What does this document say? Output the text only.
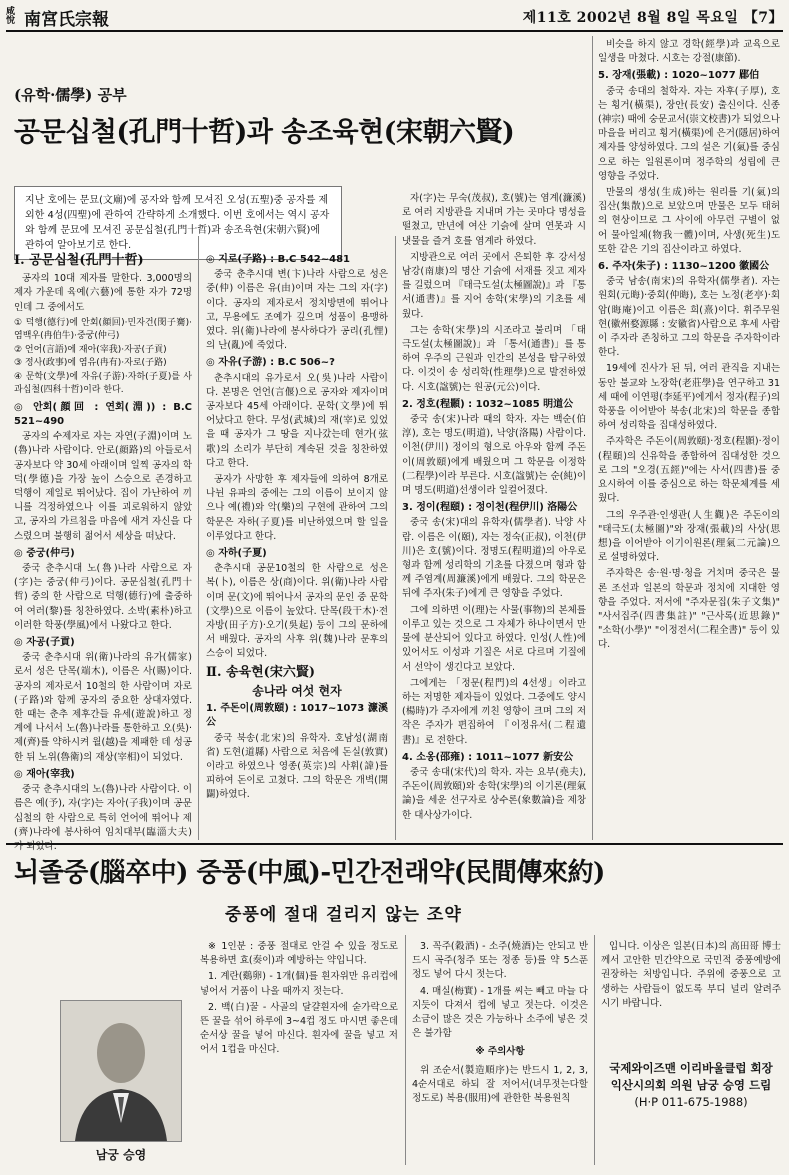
咸悅 南宮氏宗報	제11호 2002년 8월 8일 목요일 【7】
(유학·儒學) 공부
공문십철(孔門十哲)과 송조육현(宋朝六賢)
지난 호에는 문묘(文廟)에 공자와 함께 모셔진 오성(五聖)중 공자를 제외한 4성(四聖)에 관하여 간략하게 소개했다. 이번 호에서는 역시 공자와 함께 문묘에 모셔진 공문십철(孔門十哲)과 송조육현(宋朝六賢)에 관하여 알아보기로 한다.
Ⅰ. 공문십철(孔門十哲)

공자의 10대 제자를 말한다. 3,000명의 제자 가운데 육예(六藝)에 통한 자가 72명인데 그 중에서도

① 덕행(德行)에 안회(顔回)·민자건(閔子騫)·염백우(冉伯牛)·중궁(仲弓)
② 언어(言語)에 재아(宰我)·자공(子貢)
③ 정사(政事)에 염유(冉有)·자로(子路)
④ 문학(文學)에 자유(子游)·자하(子夏)를 사과십철(四科十哲)이라 한다.
◎ 안회(顔回 : 연회(淵)) : B.C 521~490

공자의 수제자로 자는 자연(子淵)이며 노(魯)나라 사람이다. 안로(顔路)의 아들로서 공자보다 약 30세 아래이며 일찍 공자의 학덕(學德)을 가장 높이 스승으로 존경하고 덕행이 제일로 뛰어났다. 집이 가난하여 끼니를 걱정하였으나 이를 괴로워하지 않았고, 공자의 가르침을 마음에 새겨 자신을 다스렸으며 불행히 젊어서 세상을 떠났다.

◎ 중궁(仲弓)

중국 춘추시대 노(魯)나라 사람으로 자(字)는 중궁(仲弓)이다. 공문십철(孔門十哲) 중의 한 사람으로 덕행(德行)에 출중하여 여러(黎)를 칭찬하였다. 소박(素朴)하고 이러한 학풍(學風)에서 나왔다고 한다.

◎ 자공(子貢)

중국 춘추시대 위(衛)나라의 유가(儒家)로서 성은 단목(端木), 이름은 사(賜)이다. 공자의 제자로서 10철의 한 사람이며 자로(子路)와 함께 공자의 중요한 상대자였다. 한 때는 춘추 제후간들 유세(遊說)하고 정계에 나서서 노(魯)나라를 통한하고 오(吳)·제(齊)를 약하시켜 월(越)을 제패한 데 성공한 뒤 노위(魯衛)의 재상(宰相)이 되었다.

◎ 재아(宰我)

중국 춘추시대의 노(魯)나라 사람이다. 이름은 예(予), 자(字)는 자아(子我)이며 공문십철의 한 사람으로 특히 언어에 뛰어나 제(齊)나라에 봉사하여 임치대부(臨淄大夫)가 되었다.

◎ 지로(子路) : B.C 542~481

중국 춘추시대 변(卞)나라 사람으로 성은 중(仲) 이름은 유(由)이며 자는 그의 자(字)이다. 공자의 제자로서 정치방면에 뛰어나고, 무용에도 조예가 깊으며 성품이 용맹하였다. 위(衛)나라에 봉사하다가 공리(孔悝)의 난(亂)에 죽었다.

◎ 자유(子游) : B.C 506~?

춘추시대의 유가로서 오(吳)나라 사람이다. 본명은 언언(言偃)으로 공자와 제자이며 공자보다 45세 아래이다. 문학(文學)에 뛰어났다고 한다. 무성(武城)의 재(宰)로 있었을 때 공자가 그 땅을 지나갔는데 현가(弦歌)의 소리가 부단히 계속된 것을 칭찬하였다고 한다.

공자가 사망한 후 제자들에 의하여 8개로 나뉜 유파의 중에는 그의 이름이 보이지 않으나 예(禮)와 악(樂)의 구현에 관하여 그의 학문은 자하(子夏)를 비난하였으며 할 일을 이루었다고 한다.

◎ 자하(子夏)

춘추시대 공문10철의 한 사람으로 성은 복(卜), 이름은 상(商)이다. 위(衛)나라 사람이며 문(文)에 뛰어나서 공자의 문인 중 문학(文學)으로 이름이 높았다. 단목(段干木)·전자방(田子方)·오기(吳起) 등이 그의 문하에서 배웠다. 공자의 사후 위(魏)나라 문후의 스승이 되었다.

Ⅱ. 송육현(宋六賢)
송나라 여섯 현자
1. 주돈이(周敦頤) : 1017~1073 濂溪公

중국 북송(北宋)의 유학자. 호남성(湖南省) 도현(道縣) 사람으로 처음에 돈실(敦實)이라고 하였으나 영종(英宗)의 사휘(諱)를 피하여 돈이로 고쳤다. 그의 학문은 개벽(開闢)하였다.

자(字)는 무숙(茂叔), 호(號)는 염계(濂溪)로 여러 지방관을 지내며 가는 곳마다 명성을 떨쳤고, 만년에 여산 기슭에 살며 연못과 시냇물을 즐겨 호를 염계라 하였다.

지방관으로 여러 곳에서 은퇴한 후 강서성 남강(南康)의 명산 기슭에 서재를 짓고 제자를 길렀으며 『태극도설(太極圖說)』과 『통서(通書)』를 지어 송학(宋學)의 기초를 세웠다.

그는 송학(宋學)의 시조라고 불리며 「태극도설(太極圖說)」과 「통서(通書)」를 통하여 우주의 근원과 인간의 본성을 탐구하였다. 이것이 송 성리학(性理學)으로 발전하였다. 시호(諡號)는 원공(元公)이다.

2. 정호(程顥) : 1032~1085 明道公

중국 송(宋)나라 때의 학자. 자는 백순(伯淳), 호는 명도(明道), 낙양(洛陽) 사람이다. 이천(伊川) 정이의 형으로 아우와 함께 주돈이(周敦頤)에게 배웠으며 그 학문을 이정학(二程學)이라 부른다. 시호(諡號)는 순(純)이며 명도(明道)선생이라 일컬어졌다.

3. 정이(程頤) : 정이천(程伊川) 洛陽公

중국 송(宋)대의 유학자(儒學者). 낙양 사람. 이름은 이(頤), 자는 정숙(正叔), 이천(伊川)은 호(號)이다. 정명도(程明道)의 아우로 형과 함께 성리학의 기초를 다졌으며 형과 함께 주염계(周濂溪)에게 배웠다. 그의 학문은 뒤에 주자(朱子)에게 큰 영향을 주었다.

그에 의하면 이(理)는 사물(事物)의 본체를 이루고 있는 것으로 그 자체가 하나이면서 만물에 분산되어 있다고 하였다. 인성(人性)에 있어서도 이성과 기질은 서로 다르며 기질에서 선악이 생긴다고 보았다.

그에게는 「정문(程門)의 4선생」이라고 하는 저명한 제자들이 있었다. 그중에도 양시(楊時)가 주자에게 끼친 영향이 크며 그의 저작은 주자가 편집하여 『이정유서(二程遺書)』로 전한다.

4. 소옹(邵雍) : 1011~1077 新安公

중국 송대(宋代)의 학자. 자는 요부(堯夫), 주돈이(周敦頤)와 송학(宋學)의 이기론(理氣論)을 세운 선구자로 상수론(象數論)을 제창한 대사상가이다.

비슷을 하지 않고 경학(經學)과 교육으로 일생을 마쳤다. 시호는 강절(康節).

5. 장재(張載) : 1020~1077 郿伯

중국 송대의 철학자. 자는 자후(子厚), 호는 횡거(橫渠), 장안(長安) 출신이다. 신종(神宗) 때에 숭문교서(崇文校書)가 되었으나 마을을 버리고 횡거(橫渠)에 은거(隱居)하여 제자를 양성하였다. 그의 설은 기(氣)를 중심으로 하는 일원론이며 정주학의 성립에 큰 영향을 주었다.

만물의 생성(生成)하는 원리를 기(氣)의 집산(集散)으로 보았으며 만물은 모두 태허의 현상이므로 그 사이에 아무런 구별이 없어 물아일체(物我一體)이며, 사생(死生)도 또한 같은 기의 집산이라고 하였다.

6. 주자(朱子) : 1130~1200 徽國公

중국 남송(南宋)의 유학자(儒學者). 자는 원회(元晦)·중회(仲晦), 호는 노정(老亭)·회암(晦庵)이고 이름은 희(熹)이다. 휘주무원현(徽州婺源縣 : 安徽省)사람으로 후세 사람이 주자라 존칭하고 그의 학문을 주자학이라 한다.

19세에 진사가 된 뒤, 여러 관직을 지내는 동안 불교와 노장학(老莊學)을 연구하고 31세 때에 이연평(李延平)에게서 정자(程子)의 학풍을 이어받아 북송(北宋)의 학문을 종합하여 성리학을 집대성하였다.

주자학은 주돈이(周敦頤)·정호(程顥)·정이(程頤)의 신유학을 종합하여 집대성한 것으로 그의 "오경(五經)"에는 사서(四書)를 중요시하여 이를 중심으로 하는 학문체계를 세웠다.

그의 우주관·인생관(人生觀)은 주돈이의 "태극도(太極圖)"와 장재(張載)의 사상(思想)을 이어받아 이기이원론(理氣二元論)으로 설명하였다.

주자학은 송·원·명·청을 거치며 중국은 물론 조선과 일본의 학문과 정치에 지대한 영향을 주었다. 저서에 "주자문집(朱子文集)" "사서집주(四書集註)" "근사록(近思錄)" "소학(小學)" "이정전서(二程全書)" 등이 있다.

뇌졸중(腦卒中) 중풍(中風)-민간전래약(民間傳來約)
중풍에 절대 걸리지 않는 조약
남궁 승영

※ 1인분 : 중풍 절대로 안걸 수 있을 정도로 복용하면 효(奏이)과 예방하는 약입니다.

1. 계란(鷄卵) - 1개(個)를 흰자위만 유리컵에 넣어서 거품이 나올 때까지 젓는다.

2. 백(白)꿀 - 사골의 달걀흰자에 숟가락으로 뜬 꿀을 섞어 하루에 3~4컵 정도 마시면 좋은데 순서상 꿀을 넣어 마신다. 흰자에 꿀을 넣고 저어서 1컵을 마신다.

3. 꼭주(穀酒) - 소주(燒酒)는 안되고 반드시 곡주(청주 또는 정종 등)를 약 5스푼 정도 넣어 다시 젓는다.

4. 매실(梅實) - 1개를 씨는 빼고 마늘 다지듯이 다져서 컵에 넣고 젓는다. 이것은 소금이 많은 것은 가능하나 소주에 넣은 것은 불가함

※ 주의사항

위 조순서(製造順序)는 반드시 1, 2, 3, 4순서대로 하되 잘 저어서(녀무젓는다할 정도로) 복용(服用)에 관한한 복용원칙

입니다. 이상은 일본(日本)의 高田哥 博士께서 고안한 민간약으로 국민적 중풍예방에 권장하는 처방입니다. 주위에 중풍으로 고생하는 사람들이 없도록 부디 널리 알려주시기 바랍니다.

국제와이즈맨 이리바울클럽 회장
익산시의회 의원 남궁 승영 드림
(H·P 011-675-1988)
